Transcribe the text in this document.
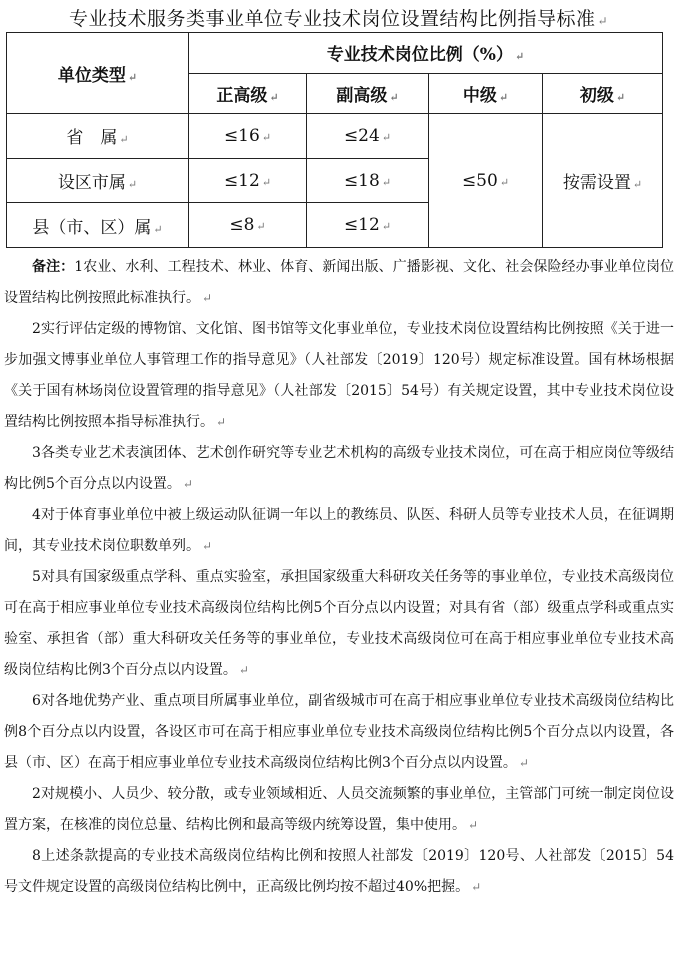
专业技术服务类事业单位专业技术岗位设置结构比例指导标准 ↵
单位类型 ↵	专业技术岗位比例（%） ↵			
	正高级 ↵	副高级 ↵	中级 ↵	初级 ↵
省　属 ↵	≤16 ↵	≤24 ↵	≤50 ↵	按需设置 ↵
设区市属 ↵	≤12 ↵	≤18 ↵		
县（市、区）属 ↵	≤8 ↵	≤12 ↵		

备注：1农业、水利、工程技术、林业、体育、新闻出版、广播影视、文化、社会保险经办事业单位岗位设置结构比例按照此标准执行。 ↵

2实行评估定级的博物馆、文化馆、图书馆等文化事业单位，专业技术岗位设置结构比例按照《关于进一步加强文博事业单位人事管理工作的指导意见》（人社部发〔2019〕120号）规定标准设置。国有林场根据《关于国有林场岗位设置管理的指导意见》（人社部发〔2015〕54号）有关规定设置，其中专业技术岗位设置结构比例按照本指导标准执行。 ↵

3各类专业艺术表演团体、艺术创作研究等专业艺术机构的高级专业技术岗位，可在高于相应岗位等级结构比例5个百分点以内设置。 ↵

4对于体育事业单位中被上级运动队征调一年以上的教练员、队医、科研人员等专业技术人员，在征调期间，其专业技术岗位职数单列。 ↵

5对具有国家级重点学科、重点实验室，承担国家级重大科研攻关任务等的事业单位，专业技术高级岗位可在高于相应事业单位专业技术高级岗位结构比例5个百分点以内设置；对具有省（部）级重点学科或重点实验室、承担省（部）重大科研攻关任务等的事业单位，专业技术高级岗位可在高于相应事业单位专业技术高级岗位结构比例3个百分点以内设置。 ↵

6对各地优势产业、重点项目所属事业单位，副省级城市可在高于相应事业单位专业技术高级岗位结构比例8个百分点以内设置，各设区市可在高于相应事业单位专业技术高级岗位结构比例5个百分点以内设置，各县（市、区）在高于相应事业单位专业技术高级岗位结构比例3个百分点以内设置。 ↵

2对规模小、人员少、较分散，或专业领域相近、人员交流频繁的事业单位，主管部门可统一制定岗位设置方案，在核准的岗位总量、结构比例和最高等级内统筹设置，集中使用。 ↵

8上述条款提高的专业技术高级岗位结构比例和按照人社部发〔2019〕120号、人社部发〔2015〕54号文件规定设置的高级岗位结构比例中，正高级比例均按不超过40%把握。 ↵
